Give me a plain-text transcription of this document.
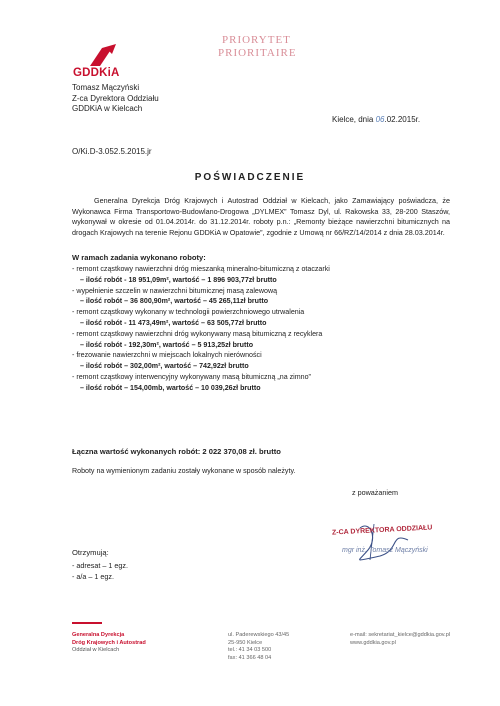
GDDKiA
Tomasz Mączyński
Z-ca Dyrektora Oddziału
GDDKiA w Kielcach
PRIORYTET
PRIORITAIRE
Kielce, dnia 06.02.2015r.
O/Ki.D-3.052.5.2015.jr
POŚWIADCZENIE
Generalna Dyrekcja Dróg Krajowych i Autostrad Oddział w Kielcach, jako Zamawiający poświadcza, że Wykonawca Firma Transportowo-Budowlano-Drogowa „DYLMEX” Tomasz Dyl, ul. Rakowska 33, 28-200 Staszów, wykonywał w okresie od 01.04.2014r. do 31.12.2014r. roboty p.n.: „Remonty bieżące nawierzchni bitumicznych na drogach Krajowych na terenie Rejonu GDDKiA w Opatowie”, zgodnie z Umową nr 66/RZ/14/2014 z dnia 28.03.2014r.
W ramach zadania wykonano roboty:
- remont cząstkowy nawierzchni dróg mieszanką mineralno-bitumiczną z otaczarki
– ilość robót - 18 951,09m², wartość – 1 896 903,77zł brutto
- wypełnienie szczelin w nawierzchni bitumicznej masą zalewową
– ilość robót – 36 800,90m², wartość – 45 265,11zł brutto
- remont cząstkowy wykonany w technologii powierzchniowego utrwalenia
– ilość robót - 11 473,49m², wartość – 63 505,77zł brutto
- remont cząstkowy nawierzchni dróg wykonywany masą bitumiczną z recyklera
– ilość robót - 192,30m², wartość – 5 913,25zł brutto
- frezowanie nawierzchni w miejscach lokalnych nierówności
– ilość robót – 302,00m², wartość – 742,92zł brutto
- remont cząstkowy interwencyjny wykonywany masą bitumiczną „na zimno”
– ilość robót – 154,00mb, wartość – 10 039,26zł brutto
Łączna wartość wykonanych robót: 2 022 370,08 zł. brutto
Roboty na wymienionym zadaniu zostały wykonane w sposób należyty.
z poważaniem
Z-CA DYREKTORA ODDZIAŁU
mgr inż. Tomasz Mączyński
Otrzymują:
- adresat – 1 egz.
- a/a – 1 egz.
Generalna Dyrekcja
Dróg Krajowych i Autostrad
Oddział w Kielcach
ul. Paderewskiego 43/45
25-950 Kielce
tel.: 41 34 03 500
fax: 41 366 48 04
e-mail: sekretariat_kielce@gddkia.gov.pl
www.gddkia.gov.pl
